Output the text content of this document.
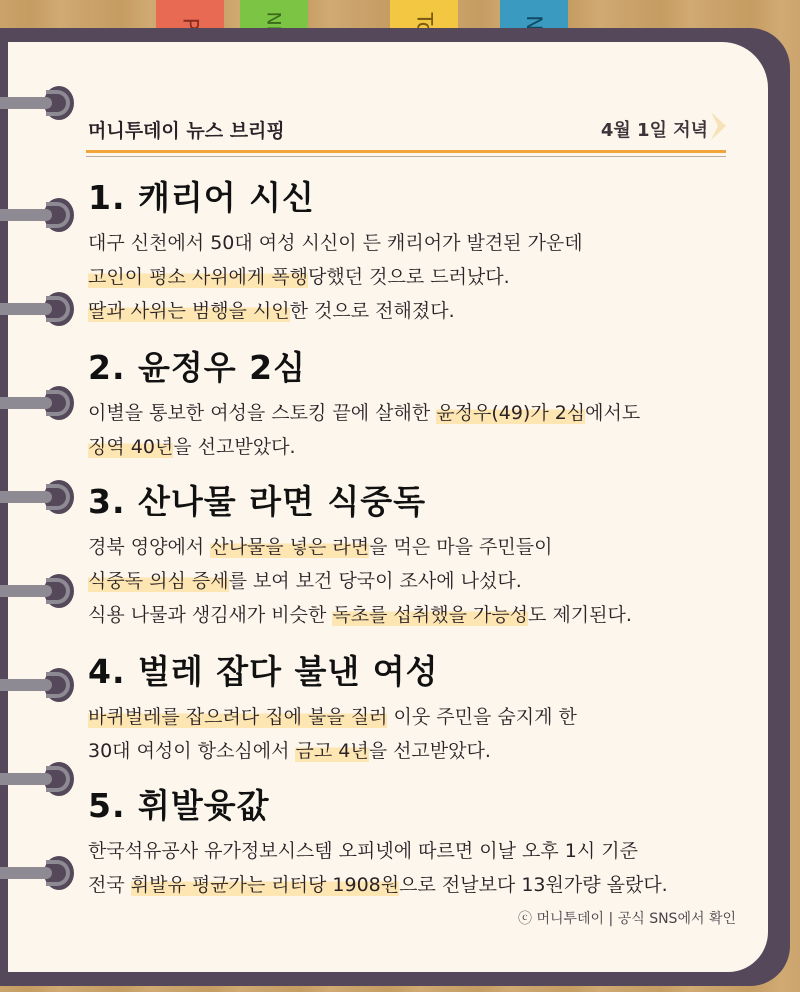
머니투데이 뉴스 브리핑	4월 1일 저녁
1. 캐리어 시신
대구 신천에서 50대 여성 시신이 든 캐리어가 발견된 가운데
고인이 평소 사위에게 폭행당했던 것으로 드러났다.
딸과 사위는 범행을 시인한 것으로 전해졌다.
2. 윤정우 2심
이별을 통보한 여성을 스토킹 끝에 살해한 윤정우(49)가 2심에서도
징역 40년을 선고받았다.
3. 산나물 라면 식중독
경북 영양에서 산나물을 넣은 라면을 먹은 마을 주민들이
식중독 의심 증세를 보여 보건 당국이 조사에 나섰다.
식용 나물과 생김새가 비슷한 독초를 섭취했을 가능성도 제기된다.
4. 벌레 잡다 불낸 여성
바퀴벌레를 잡으려다 집에 불을 질러 이웃 주민을 숨지게 한
30대 여성이 항소심에서 금고 4년을 선고받았다.
5. 휘발윳값
한국석유공사 유가정보시스템 오피넷에 따르면 이날 오후 1시 기준
전국 휘발유 평균가는 리터당 1908원으로 전날보다 13원가량 올랐다.
ⓒ 머니투데이 | 공식 SNS에서 확인
